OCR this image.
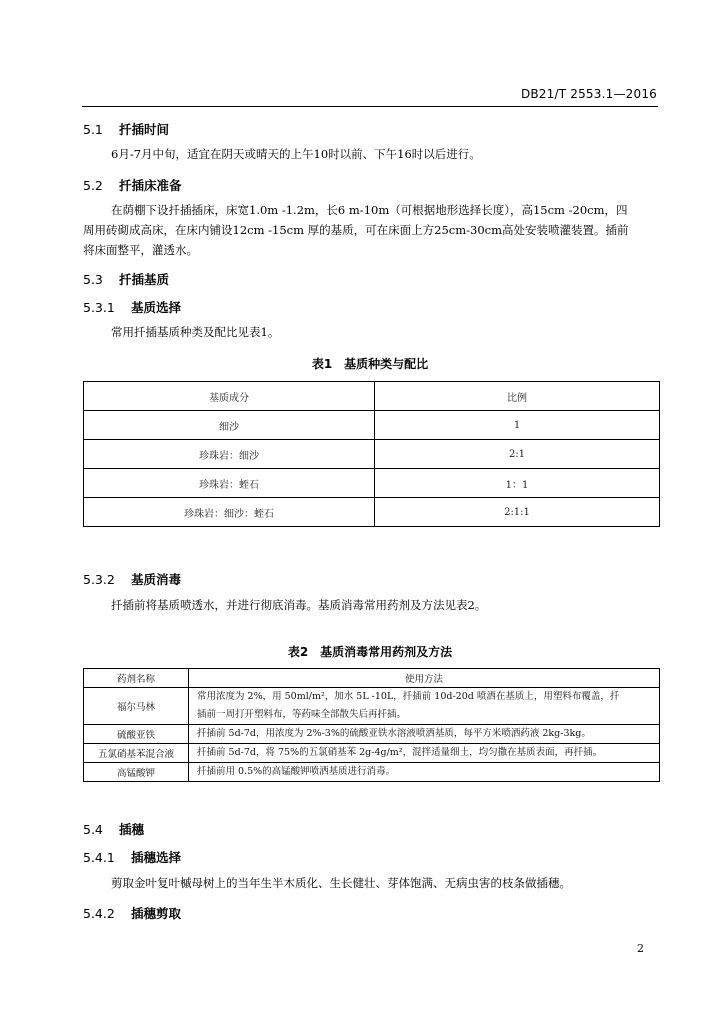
DB21/T 2553.1—2016
5.1 扦插时间
6月-7月中旬，适宜在阴天或晴天的上午10时以前、下午16时以后进行。
5.2 扦插床准备
在荫棚下设扦插插床，床宽1.0m -1.2m，长6 m-10m（可根据地形选择长度），高15cm -20cm，四
周用砖砌成高床，在床内铺设12cm -15cm 厚的基质，可在床面上方25cm-30cm高处安装喷灌装置。插前
将床面整平，灌透水。
5.3 扦插基质
5.3.1 基质选择
常用扦插基质种类及配比见表1。
表1　基质种类与配比
基质成分	比例
细沙	1
珍珠岩：细沙	2:1
珍珠岩：蛭石	1：1
珍珠岩：细沙：蛭石	2:1:1
5.3.2 基质消毒
扦插前将基质喷透水，并进行彻底消毒。基质消毒常用药剂及方法见表2。
表2　基质消毒常用药剂及方法
药剂名称	使用方法
福尔马林	常用浓度为 2%，用 50ml/m²，加水 5L -10L，扦插前 10d-20d 喷洒在基质上，用塑料布覆盖，扦
插前一周打开塑料布，等药味全部散失后再扦插。

硫酸亚铁	扦插前 5d-7d，用浓度为 2%-3%的硫酸亚铁水溶液喷洒基质，每平方米喷洒药液 2kg-3kg。
五氯硝基苯混合液	扦插前 5d-7d，将 75%的五氯硝基苯 2g-4g/m²，混拌适量细土，均匀撒在基质表面，再扦插。
高锰酸钾	扦插前用 0.5%的高锰酸钾喷洒基质进行消毒。
5.4 插穗
5.4.1 插穗选择
剪取金叶复叶槭母树上的当年生半木质化、生长健壮、芽体饱满、无病虫害的枝条做插穗。
5.4.2 插穗剪取
2
